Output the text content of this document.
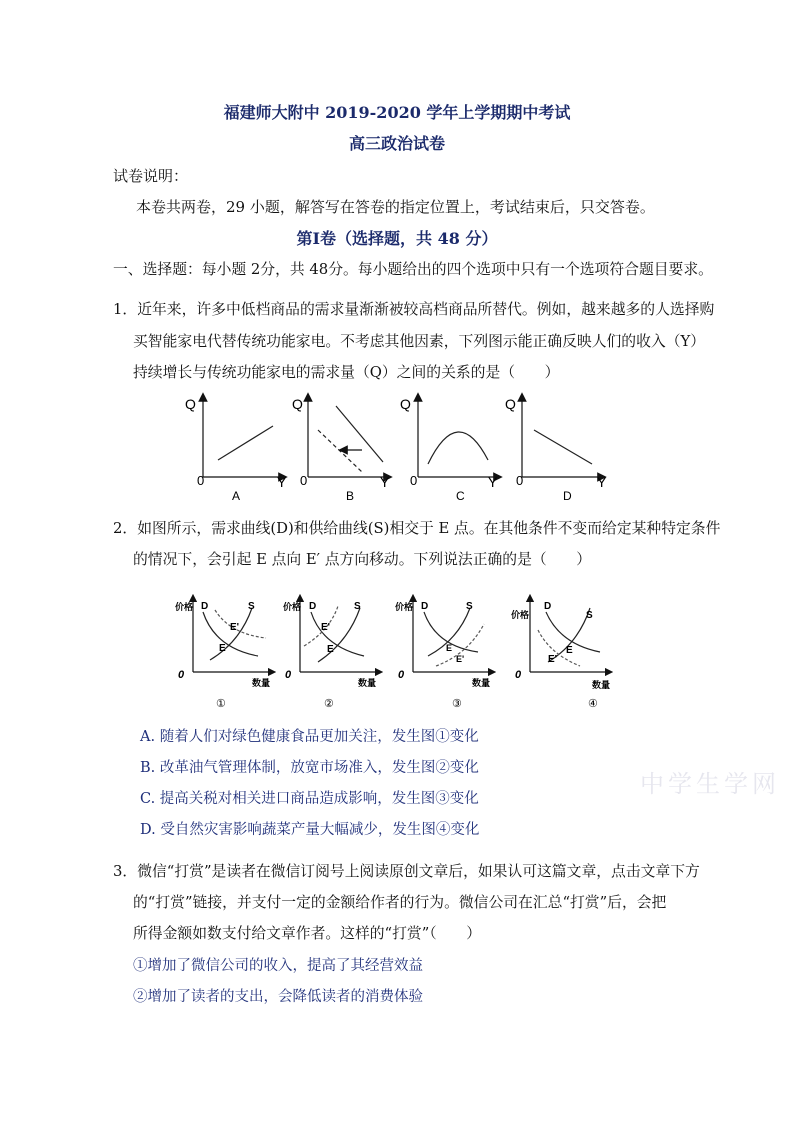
福建师大附中 2019-2020 学年上学期期中考试
高三政治试卷
试卷说明：
本卷共两卷，29 小题，解答写在答卷的指定位置上，考试结束后，只交答卷。
第Ⅰ卷（选择题，共 48 分）
一、选择题：每小题 2分，共 48分。每小题给出的四个选项中只有一个选项符合题目要求。
1．近年来，许多中低档商品的需求量渐渐被较高档商品所替代。例如，越来越多的人选择购
买智能家电代替传统功能家电。不考虑其他因素，下列图示能正确反映人们的收入（Y）
持续增长与传统功能家电的需求量（Q）之间的关系的是（　　）
Q
0	Y
A
Q
0	Y
B
Q
0	Y
C
Q
0	Y
D
2．如图所示，需求曲线(D)和供给曲线(S)相交于 E 点。在其他条件不变而给定某种特定条件
的情况下，会引起 E 点向 E′ 点方向移动。下列说法正确的是（　　）
价格 D	S
E
E'
0
数量
①
价格 D	S
E
E'
0
数量
②
价格 D	S
E
E'
0
数量
③
价格
D
S
E
E'
0
数量
④
A. 随着人们对绿色健康食品更加关注，发生图①变化
B. 改革油气管理体制，放宽市场准入，发生图②变化
C. 提高关税对相关进口商品造成影响，发生图③变化
D. 受自然灾害影响蔬菜产量大幅减少，发生图④变化
中学生学网
3．微信“打赏”是读者在微信订阅号上阅读原创文章后，如果认可这篇文章，点击文章下方
的“打赏”链接，并支付一定的金额给作者的行为。微信公司在汇总“打赏”后，会把
所得金额如数支付给文章作者。这样的“打赏”（　　）
①增加了微信公司的收入，提高了其经营效益
②增加了读者的支出，会降低读者的消费体验
